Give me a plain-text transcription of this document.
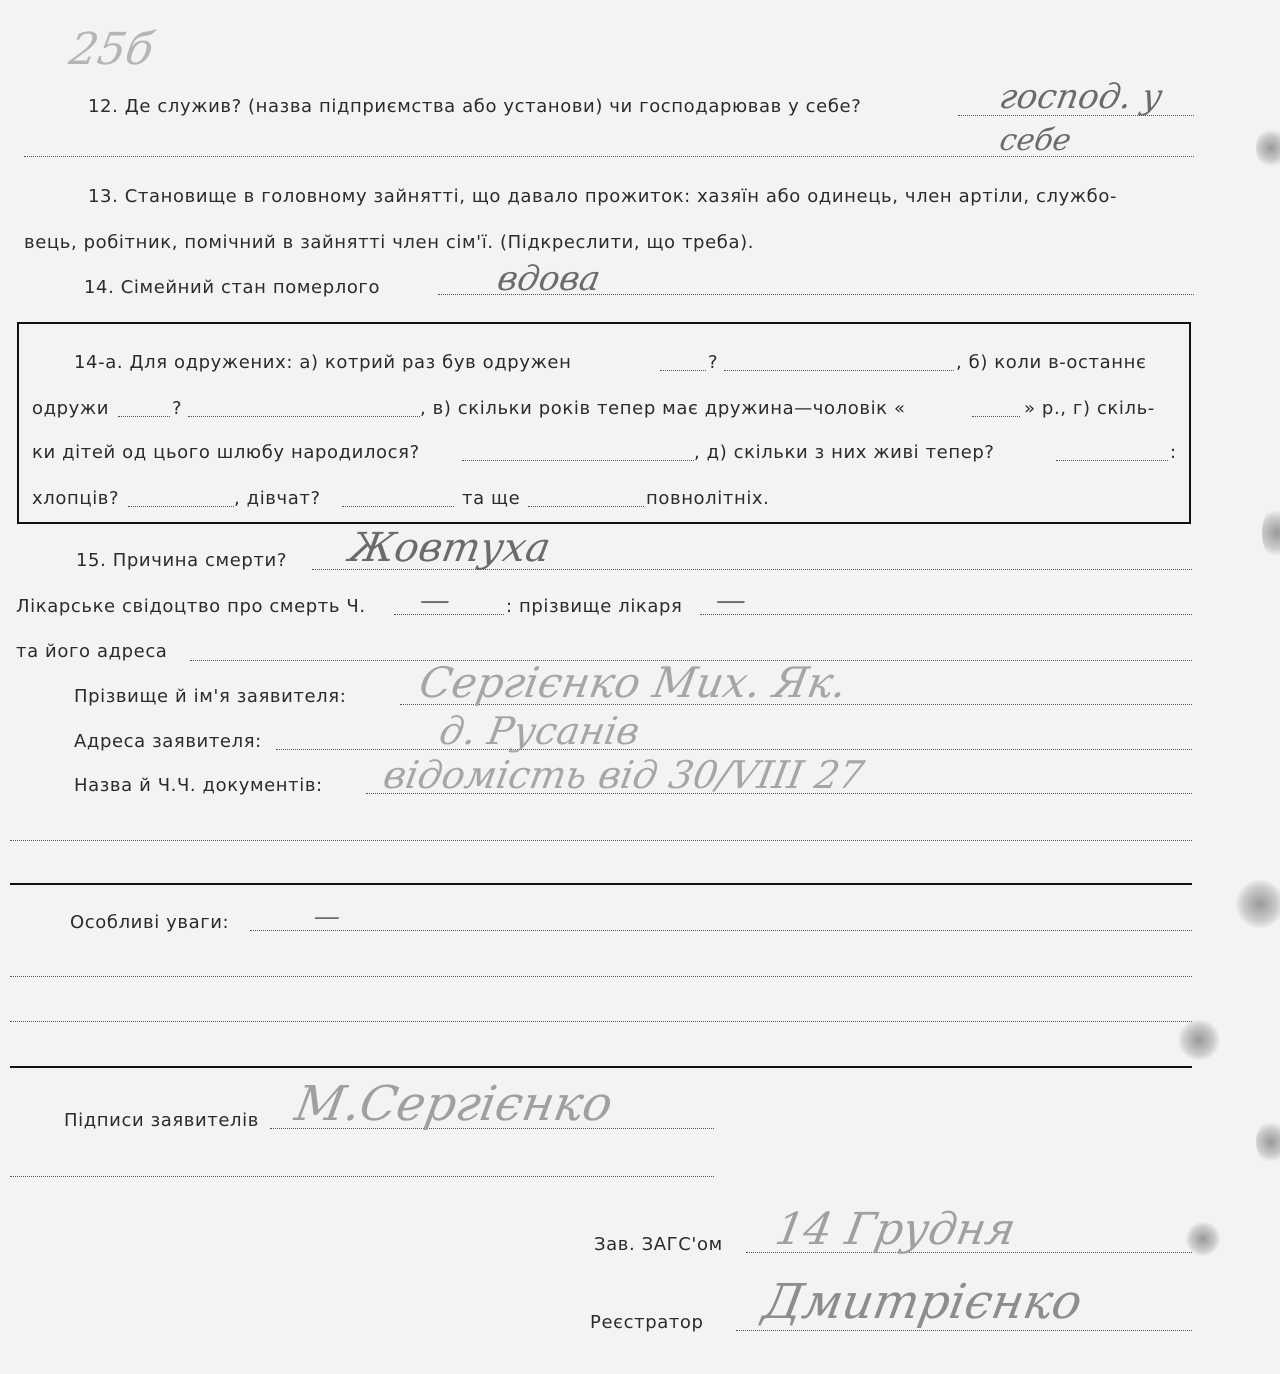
25б
12. Де служив? (назва підприємства або установи) чи господарював у себе?	господ. у
себе
13. Становище в головному зайнятті, що давало прожиток: хазяїн або одинець, член артіли, службо-
вець, робітник, помічний в зайнятті член сім'ї. (Підкреслити, що треба).
14. Сімейний стан померлого	вдова
14-а. Для одружених: а) котрий раз був одружен	?	, б) коли в-останнє
одружи	?	, в) скільки років тепер має дружина—чоловік «	» р., г) скіль-
ки дітей од цього шлюбу народилося?	, д) скільки з них живі тепер?	:
хлопців?	, дівчат?	та ще	повнолітніх.
15. Причина смерти? Жовтуха
Лікарське свідоцтво про смерть Ч. —	: прізвище лікаря —
та його адреса
Прізвище й ім'я заявителя: Сергієнко Мих. Як.
Адреса заявителя:	д. Русанів
Назва й Ч.Ч. документів: відомість від 30/VIII 27
Особливі уваги:	—
Підписи заявителів М.Сергієнко
Зав. ЗАГС'ом 14 Грудня
Реєстратор Дмитрієнко
